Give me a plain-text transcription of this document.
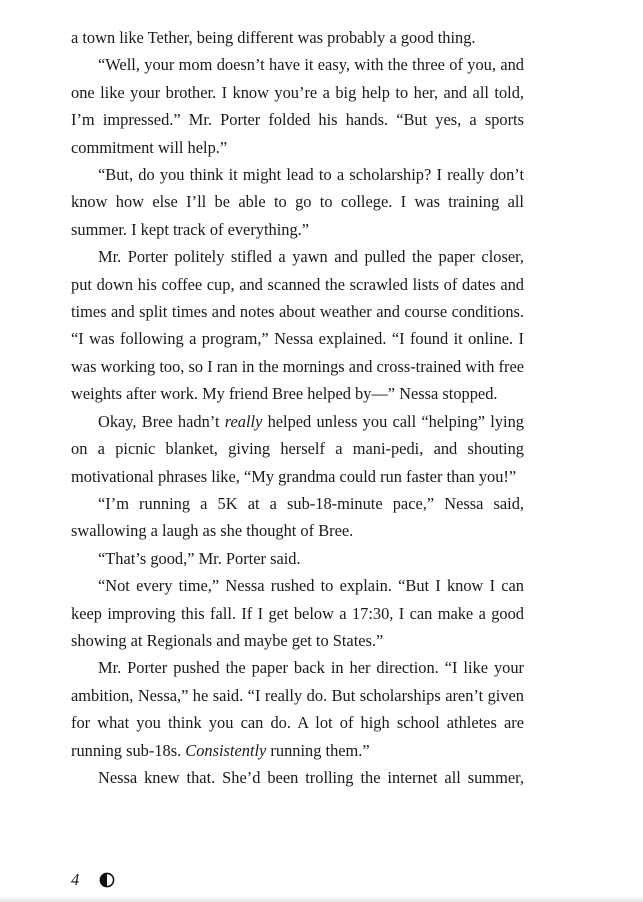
a town like Tether, being different was probably a good thing.

“Well, your mom doesn’t have it easy, with the three of you, and one like your brother. I know you’re a big help to her, and all told, I’m impressed.” Mr. Porter folded his hands. “But yes, a sports commitment will help.”

“But, do you think it might lead to a scholarship? I really don’t know how else I’ll be able to go to college. I was training all summer. I kept track of everything.”

Mr. Porter politely stifled a yawn and pulled the paper closer, put down his coffee cup, and scanned the scrawled lists of dates and times and split times and notes about weather and course conditions. “I was following a program,” Nessa explained. “I found it online. I was working too, so I ran in the mornings and cross-trained with free weights after work. My friend Bree helped by—” Nessa stopped.

Okay, Bree hadn’t really helped unless you call “helping” lying on a picnic blanket, giving herself a mani-pedi, and shouting motivational phrases like, “My grandma could run faster than you!”

“I’m running a 5K at a sub-18-minute pace,” Nessa said, swallowing a laugh as she thought of Bree.

“That’s good,” Mr. Porter said.

“Not every time,” Nessa rushed to explain. “But I know I can keep improving this fall. If I get below a 17:30, I can make a good showing at Regionals and maybe get to States.”

Mr. Porter pushed the paper back in her direction. “I like your ambition, Nessa,” he said. “I really do. But scholarships aren’t given for what you think you can do. A lot of high school athletes are running sub-18s. Consistently running them.”

Nessa knew that. She’d been trolling the internet all summer,

4
